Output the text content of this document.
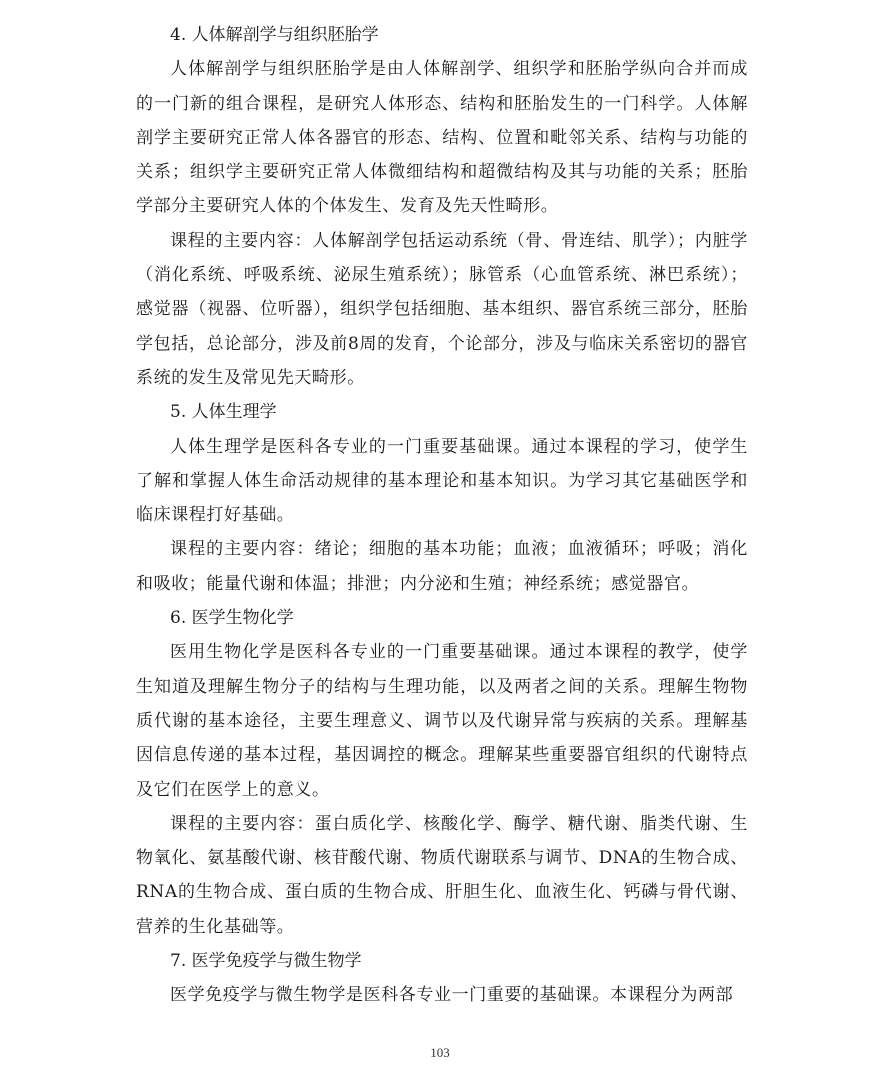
4. 人体解剖学与组织胚胎学

人体解剖学与组织胚胎学是由人体解剖学、组织学和胚胎学纵向合并而成的一门新的组合课程，是研究人体形态、结构和胚胎发生的一门科学。人体解剖学主要研究正常人体各器官的形态、结构、位置和毗邻关系、结构与功能的关系；组织学主要研究正常人体微细结构和超微结构及其与功能的关系；胚胎学部分主要研究人体的个体发生、发育及先天性畸形。

课程的主要内容：人体解剖学包括运动系统（骨、骨连结、肌学）；内脏学（消化系统、呼吸系统、泌尿生殖系统）；脉管系（心血管系统、淋巴系统）；感觉器（视器、位听器），组织学包括细胞、基本组织、器官系统三部分，胚胎学包括，总论部分，涉及前8周的发育，个论部分，涉及与临床关系密切的器官系统的发生及常见先天畸形。

5. 人体生理学

人体生理学是医科各专业的一门重要基础课。通过本课程的学习，使学生了解和掌握人体生命活动规律的基本理论和基本知识。为学习其它基础医学和临床课程打好基础。

课程的主要内容：绪论；细胞的基本功能；血液；血液循环；呼吸；消化和吸收；能量代谢和体温；排泄；内分泌和生殖；神经系统；感觉器官。

6. 医学生物化学

医用生物化学是医科各专业的一门重要基础课。通过本课程的教学，使学生知道及理解生物分子的结构与生理功能，以及两者之间的关系。理解生物物质代谢的基本途径，主要生理意义、调节以及代谢异常与疾病的关系。理解基因信息传递的基本过程，基因调控的概念。理解某些重要器官组织的代谢特点及它们在医学上的意义。

课程的主要内容：蛋白质化学、核酸化学、酶学、糖代谢、脂类代谢、生物氧化、氨基酸代谢、核苷酸代谢、物质代谢联系与调节、DNA的生物合成、RNA的生物合成、蛋白质的生物合成、肝胆生化、血液生化、钙磷与骨代谢、营养的生化基础等。

7. 医学免疫学与微生物学

医学免疫学与微生物学是医科各专业一门重要的基础课。本课程分为两部

103
